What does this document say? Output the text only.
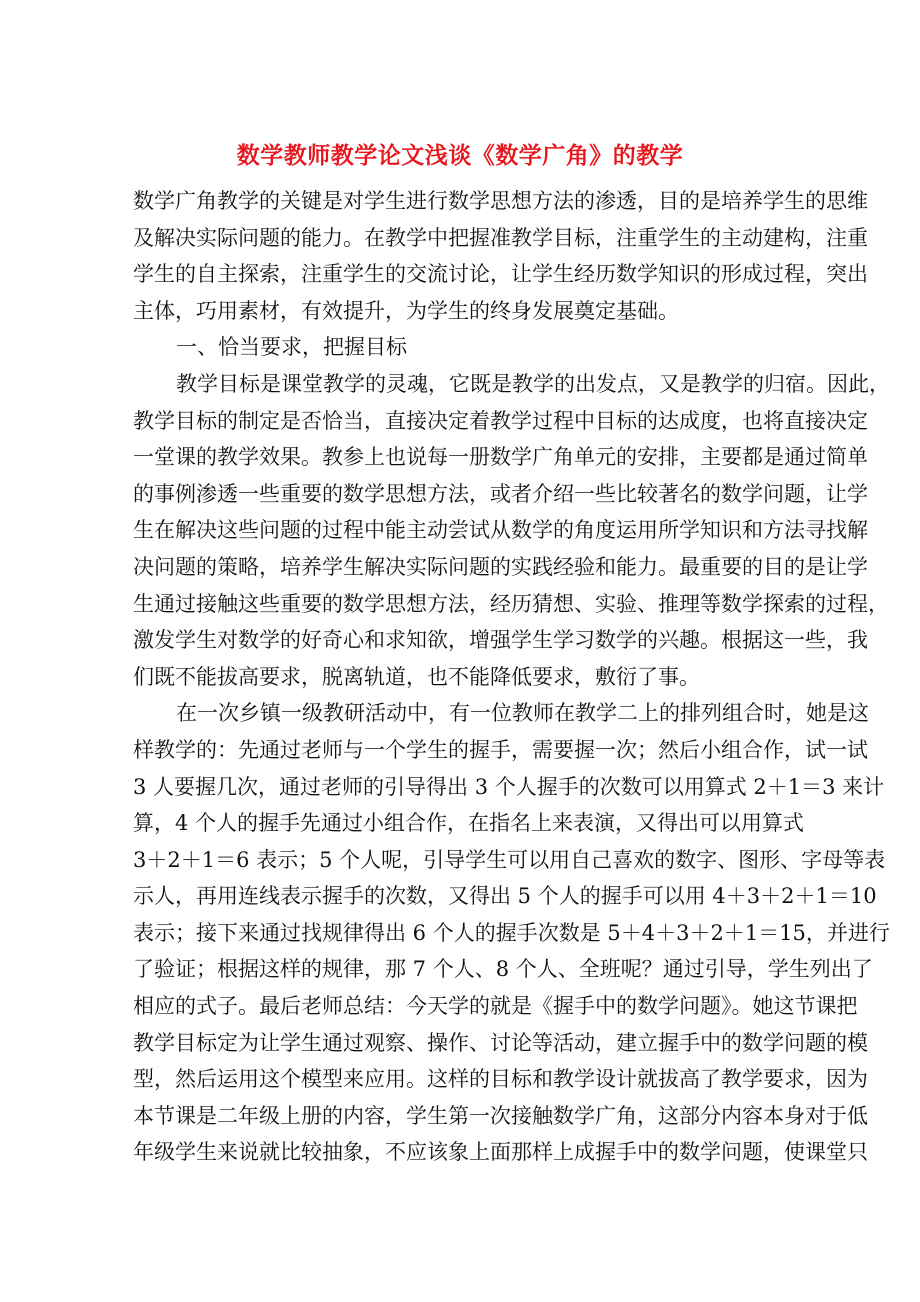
数学教师教学论文浅谈《数学广角》的教学
数学广角教学的关键是对学生进行数学思想方法的渗透，目的是培养学生的思维
及解决实际问题的能力。在教学中把握准教学目标，注重学生的主动建构，注重
学生的自主探索，注重学生的交流讨论，让学生经历数学知识的形成过程，突出
主体，巧用素材，有效提升，为学生的终身发展奠定基础。
一、恰当要求，把握目标
教学目标是课堂教学的灵魂，它既是教学的出发点，又是教学的归宿。因此，
教学目标的制定是否恰当，直接决定着教学过程中目标的达成度，也将直接决定
一堂课的教学效果。教参上也说每一册数学广角单元的安排，主要都是通过简单
的事例渗透一些重要的数学思想方法，或者介绍一些比较著名的数学问题，让学
生在解决这些问题的过程中能主动尝试从数学的角度运用所学知识和方法寻找解
决问题的策略，培养学生解决实际问题的实践经验和能力。最重要的目的是让学
生通过接触这些重要的数学思想方法，经历猜想、实验、推理等数学探索的过程，
激发学生对数学的好奇心和求知欲，增强学生学习数学的兴趣。根据这一些，我
们既不能拔高要求，脱离轨道，也不能降低要求，敷衍了事。
在一次乡镇一级教研活动中，有一位教师在教学二上的排列组合时，她是这
样教学的：先通过老师与一个学生的握手，需要握一次；然后小组合作，试一试
3 人要握几次，通过老师的引导得出 3 个人握手的次数可以用算式 2＋1＝3 来计
算，4 个人的握手先通过小组合作，在指名上来表演，又得出可以用算式
3＋2＋1＝6 表示；5 个人呢，引导学生可以用自己喜欢的数字、图形、字母等表
示人，再用连线表示握手的次数，又得出 5 个人的握手可以用 4＋3＋2＋1＝10
表示；接下来通过找规律得出 6 个人的握手次数是 5＋4＋3＋2＋1＝15，并进行
了验证；根据这样的规律，那 7 个人、8 个人、全班呢？通过引导，学生列出了
相应的式子。最后老师总结：今天学的就是《握手中的数学问题》。她这节课把
教学目标定为让学生通过观察、操作、讨论等活动，建立握手中的数学问题的模
型，然后运用这个模型来应用。这样的目标和教学设计就拔高了教学要求，因为
本节课是二年级上册的内容，学生第一次接触数学广角，这部分内容本身对于低
年级学生来说就比较抽象，不应该象上面那样上成握手中的数学问题，使课堂只
